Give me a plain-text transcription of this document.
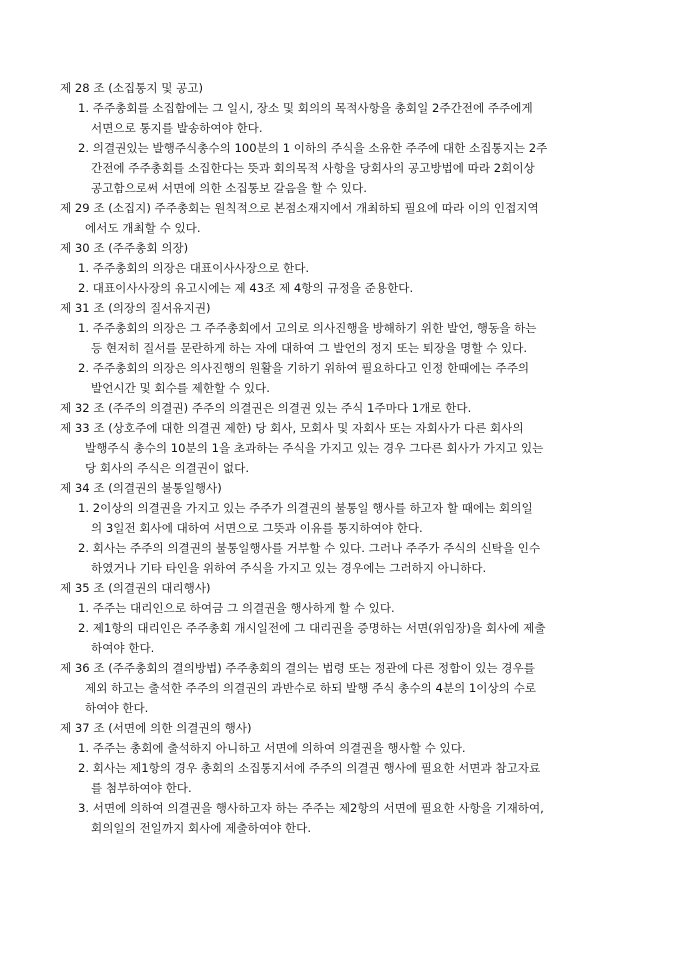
제 28 조 (소집통지 및 공고)
1. 주주총회를 소집함에는 그 일시, 장소 및 회의의 목적사항을 총회일 2주간전에 주주에게
서면으로 통지를 발송하여야 한다.
2. 의결권있는 발행주식총수의 100분의 1 이하의 주식을 소유한 주주에 대한 소집통지는 2주
간전에 주주총회를 소집한다는 뜻과 회의목적 사항을 당회사의 공고방법에 따라 2회이상
공고함으로써 서면에 의한 소집통보 갈음을 할 수 있다.
제 29 조 (소집지) 주주총회는 원칙적으로 본점소재지에서 개최하되 필요에 따라 이의 인접지역
에서도 개최할 수 있다.
제 30 조 (주주총회 의장)
1. 주주총회의 의장은 대표이사사장으로 한다.
2. 대표이사사장의 유고시에는 제 43조 제 4항의 규정을 준용한다.
제 31 조 (의장의 질서유지권)
1. 주주총회의 의장은 그 주주총회에서 고의로 의사진행을 방해하기 위한 발언, 행동을 하는
등 현저히 질서를 문란하게 하는 자에 대하여 그 발언의 정지 또는 퇴장을 명할 수 있다.
2. 주주총회의 의장은 의사진행의 원활을 기하기 위하여 필요하다고 인정 한때에는 주주의
발언시간 및 회수를 제한할 수 있다.
제 32 조 (주주의 의결권) 주주의 의결권은 의결권 있는 주식 1주마다 1개로 한다.
제 33 조 (상호주에 대한 의결권 제한) 당 회사, 모회사 및 자회사 또는 자회사가 다른 회사의
발행주식 총수의 10분의 1을 초과하는 주식을 가지고 있는 경우 그다른 회사가 가지고 있는
당 회사의 주식은 의결권이 없다.
제 34 조 (의결권의 불통일행사)
1. 2이상의 의결권을 가지고 있는 주주가 의결권의 불통일 행사를 하고자 할 때에는 회의일
의 3일전 회사에 대하여 서면으로 그뜻과 이유를 통지하여야 한다.
2. 회사는 주주의 의결권의 불통일행사를 거부할 수 있다. 그러나 주주가 주식의 신탁을 인수
하였거나 기타 타인을 위하여 주식을 가지고 있는 경우에는 그러하지 아니하다.
제 35 조 (의결권의 대리행사)
1. 주주는 대리인으로 하여금 그 의결권을 행사하게 할 수 있다.
2. 제1항의 대리인은 주주총회 개시일전에 그 대리권을 증명하는 서면(위임장)을 회사에 제출
하여야 한다.
제 36 조 (주주총회의 결의방법) 주주총회의 결의는 법령 또는 정관에 다른 정함이 있는 경우를
제외 하고는 출석한 주주의 의결권의 과반수로 하되 발행 주식 총수의 4분의 1이상의 수로
하여야 한다.
제 37 조 (서면에 의한 의결권의 행사)
1. 주주는 총회에 출석하지 아니하고 서면에 의하여 의결권을 행사할 수 있다.
2. 회사는 제1항의 경우 총회의 소집통지서에 주주의 의결권 행사에 필요한 서면과 참고자료
를 첨부하여야 한다.
3. 서면에 의하여 의결권을 행사하고자 하는 주주는 제2항의 서면에 필요한 사항을 기재하여,
회의일의 전일까지 회사에 제출하여야 한다.
